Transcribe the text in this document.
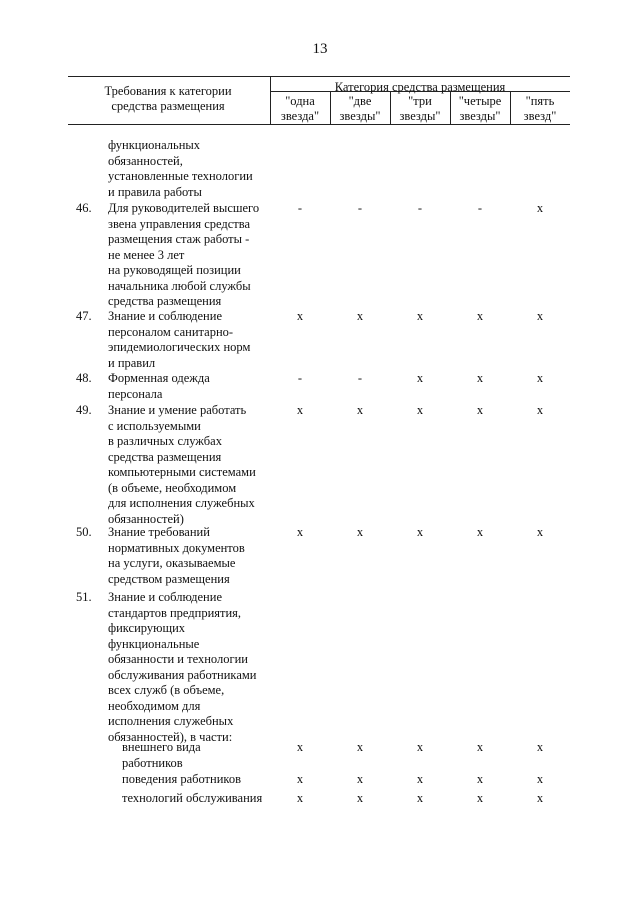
13
Требования к категории
средства размещения
Категория средства размещения
"одна
звезда"
"две
звезды"
"три
звезды"
"четыре
звезды"
"пять
звезд"
функциональных
обязанностей,
установленные технологии
и правила работы
46.	Для руководителей высшего
звена управления средства
размещения стаж работы -
не менее 3 лет
на руководящей позиции
начальника любой службы
средства размещения
-	-	-	-	x
47.	Знание и соблюдение
персоналом санитарно-
эпидемиологических норм
и правил
x	x	x	x	x
48.	Форменная одежда
персонала
-	-	x	x	x
49.	Знание и умение работать
с используемыми
в различных службах
средства размещения
компьютерными системами
(в объеме, необходимом
для исполнения служебных
обязанностей)
x	x	x	x	x
50.	Знание требований
нормативных документов
на услуги, оказываемые
средством размещения
x	x	x	x	x
51.	Знание и соблюдение
стандартов предприятия,
фиксирующих
функциональные
обязанности и технологии
обслуживания работниками
всех служб (в объеме,
необходимом для
исполнения служебных
обязанностей), в части:
внешнего вида
работников
x	x	x	x	x
поведения работников	x	x	x	x	x
технологий обслуживания	x	x	x	x	x
